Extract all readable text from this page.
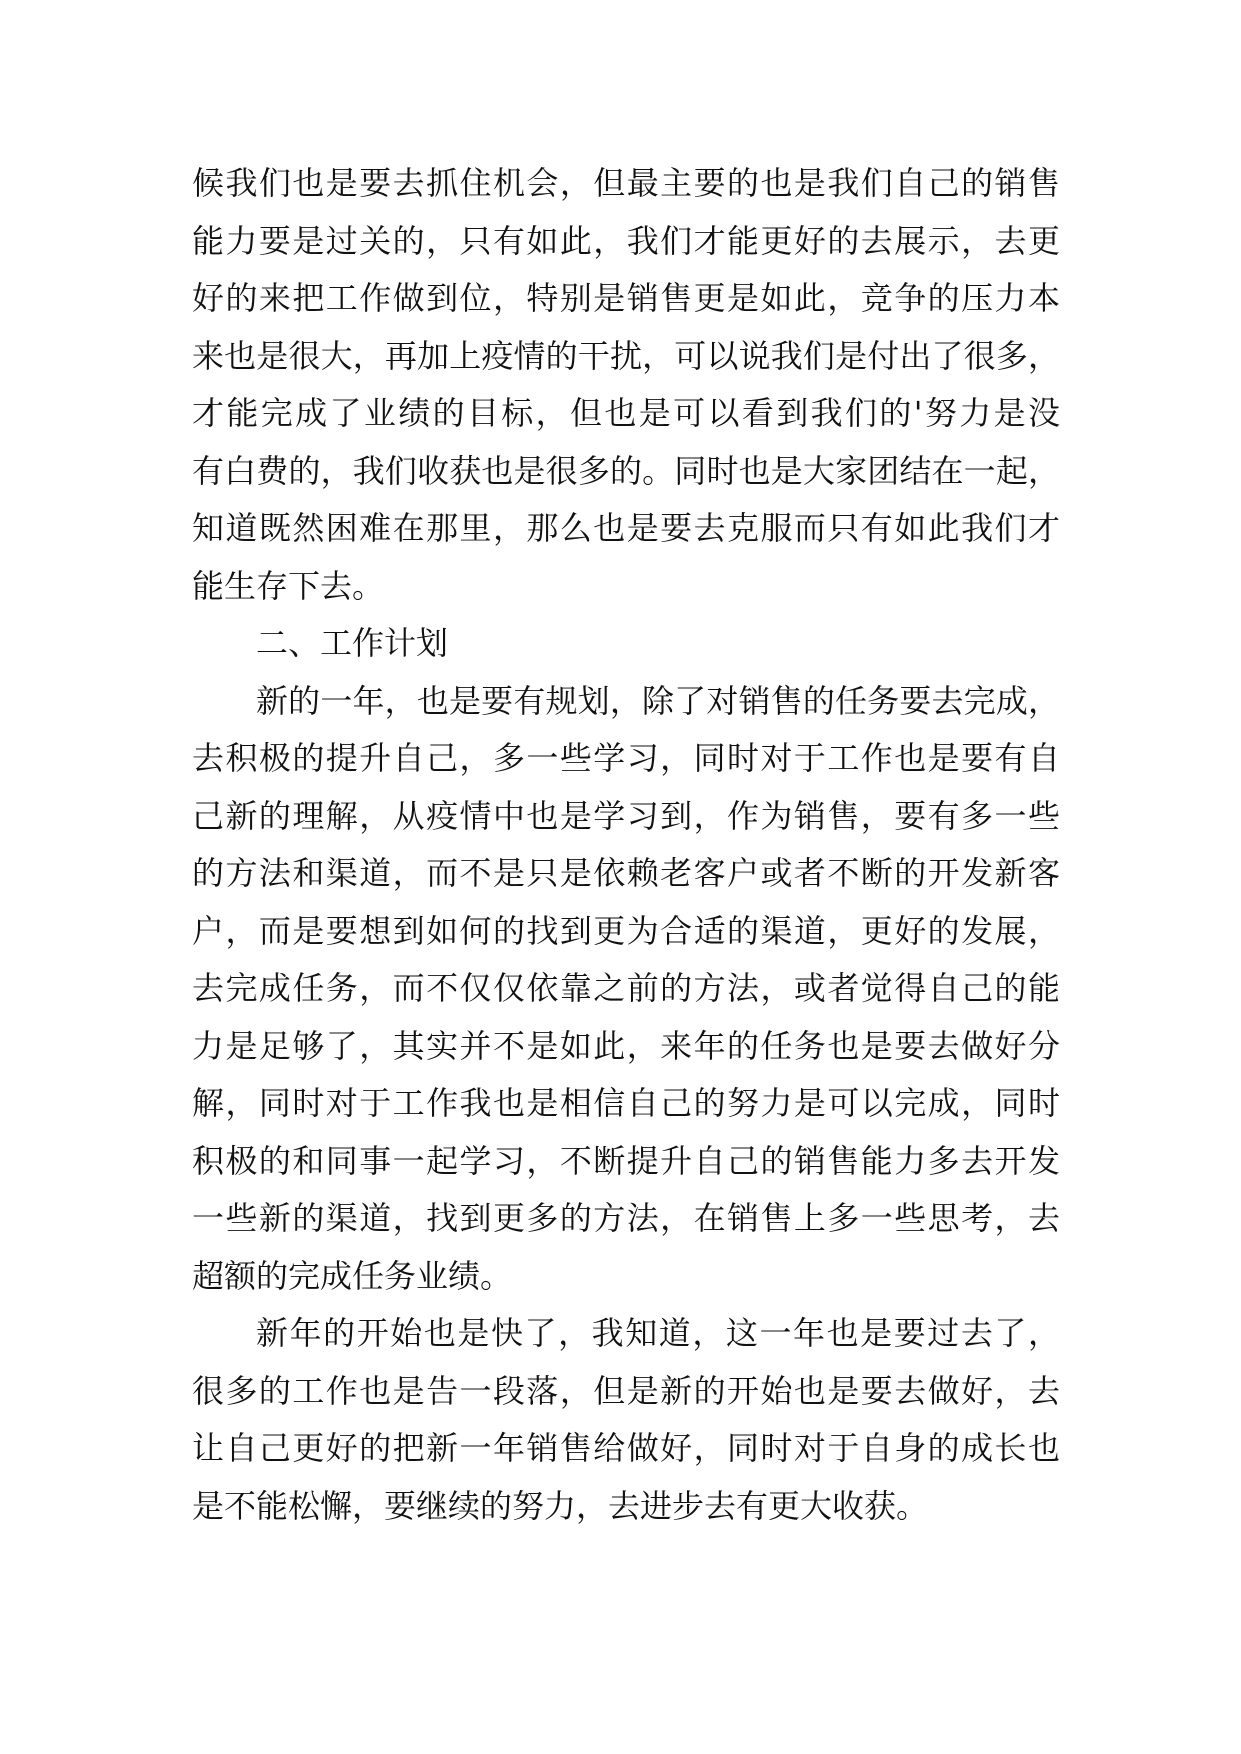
候我们也是要去抓住机会，但最主要的也是我们自己的销售
能力要是过关的，只有如此，我们才能更好的去展示，去更
好的来把工作做到位，特别是销售更是如此，竞争的压力本
来也是很大，再加上疫情的干扰，可以说我们是付出了很多，
才能完成了业绩的目标，但也是可以看到我们的'努力是没
有白费的，我们收获也是很多的。同时也是大家团结在一起，
知道既然困难在那里，那么也是要去克服而只有如此我们才
能生存下去。
二、工作计划
新的一年，也是要有规划，除了对销售的任务要去完成，
去积极的提升自己，多一些学习，同时对于工作也是要有自
己新的理解，从疫情中也是学习到，作为销售，要有多一些
的方法和渠道，而不是只是依赖老客户或者不断的开发新客
户，而是要想到如何的找到更为合适的渠道，更好的发展，
去完成任务，而不仅仅依靠之前的方法，或者觉得自己的能
力是足够了，其实并不是如此，来年的任务也是要去做好分
解，同时对于工作我也是相信自己的努力是可以完成，同时
积极的和同事一起学习，不断提升自己的销售能力多去开发
一些新的渠道，找到更多的方法，在销售上多一些思考，去
超额的完成任务业绩。
新年的开始也是快了，我知道，这一年也是要过去了，
很多的工作也是告一段落，但是新的开始也是要去做好，去
让自己更好的把新一年销售给做好，同时对于自身的成长也
是不能松懈，要继续的努力，去进步去有更大收获。
